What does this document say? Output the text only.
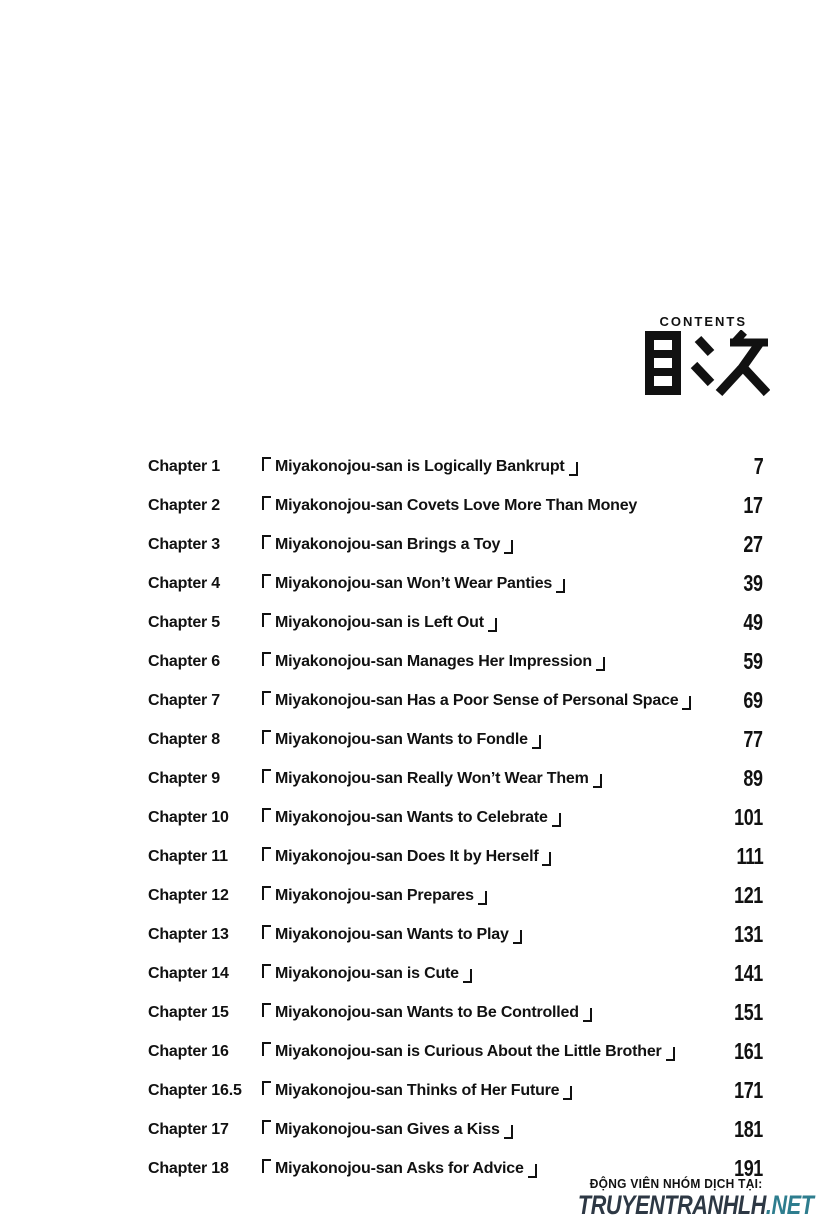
CONTENTS
Chapter 1	Miyakonojou-san is Logically Bankrupt	7
Chapter 2	Miyakonojou-san Covets Love More Than Money	17
Chapter 3	Miyakonojou-san Brings a Toy	27
Chapter 4	Miyakonojou-san Won’t Wear Panties	39
Chapter 5	Miyakonojou-san is Left Out	49
Chapter 6	Miyakonojou-san Manages Her Impression	59
Chapter 7	Miyakonojou-san Has a Poor Sense of Personal Space	69
Chapter 8	Miyakonojou-san Wants to Fondle	77
Chapter 9	Miyakonojou-san Really Won’t Wear Them	89
Chapter 10	Miyakonojou-san Wants to Celebrate	101
Chapter 11	Miyakonojou-san Does It by Herself	111
Chapter 12	Miyakonojou-san Prepares	121
Chapter 13	Miyakonojou-san Wants to Play	131
Chapter 14	Miyakonojou-san is Cute	141
Chapter 15	Miyakonojou-san Wants to Be Controlled	151
Chapter 16	Miyakonojou-san is Curious About the Little Brother	161
Chapter 16.5	Miyakonojou-san Thinks of Her Future	171
Chapter 17	Miyakonojou-san Gives a Kiss	181
Chapter 18	Miyakonojou-san Asks for Advice	191
ĐỘNG VIÊN NHÓM DỊCH TẠI:
TRUYENTRANHLH.NET
